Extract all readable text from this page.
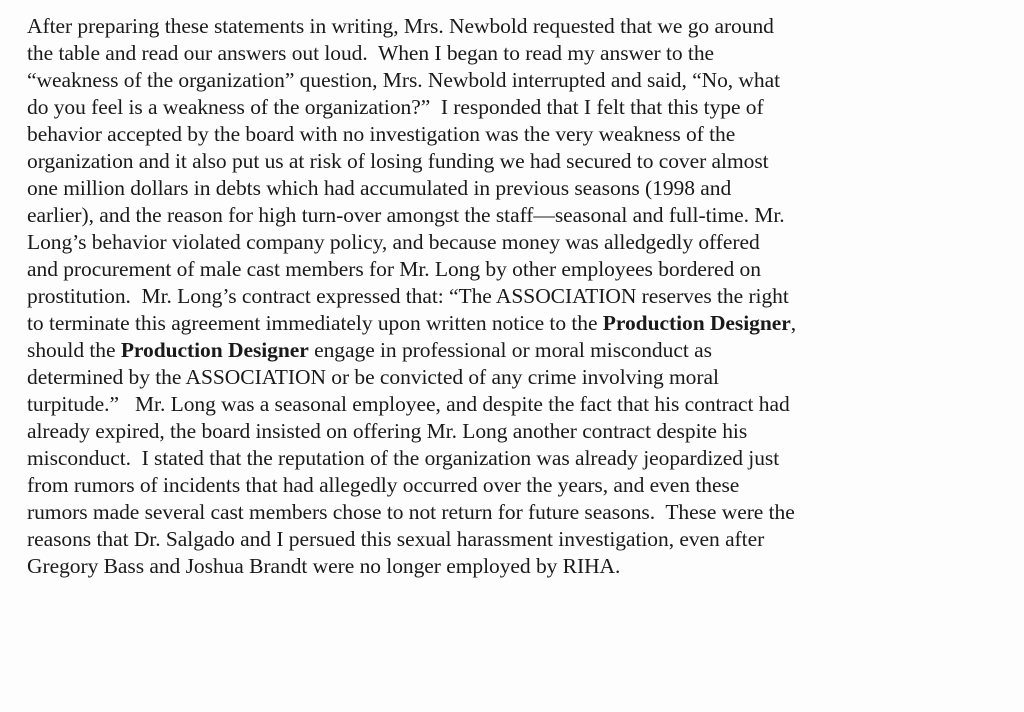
After preparing these statements in writing, Mrs. Newbold requested that we go around
the table and read our answers out loud.  When I began to read my answer to the
“weakness of the organization” question, Mrs. Newbold interrupted and said, “No, what
do you feel is a weakness of the organization?”  I responded that I felt that this type of
behavior accepted by the board with no investigation was the very weakness of the
organization and it also put us at risk of losing funding we had secured to cover almost
one million dollars in debts which had accumulated in previous seasons (1998 and
earlier), and the reason for high turn-over amongst the staff—seasonal and full-time. Mr.
Long’s behavior violated company policy, and because money was alledgedly offered
and procurement of male cast members for Mr. Long by other employees bordered on
prostitution.  Mr. Long’s contract expressed that: “The ASSOCIATION reserves the right
to terminate this agreement immediately upon written notice to the Production Designer,
should the Production Designer engage in professional or moral misconduct as
determined by the ASSOCIATION or be convicted of any crime involving moral
turpitude.”   Mr. Long was a seasonal employee, and despite the fact that his contract had
already expired, the board insisted on offering Mr. Long another contract despite his
misconduct.  I stated that the reputation of the organization was already jeopardized just
from rumors of incidents that had allegedly occurred over the years, and even these
rumors made several cast members chose to not return for future seasons.  These were the
reasons that Dr. Salgado and I persued this sexual harassment investigation, even after
Gregory Bass and Joshua Brandt were no longer employed by RIHA.
